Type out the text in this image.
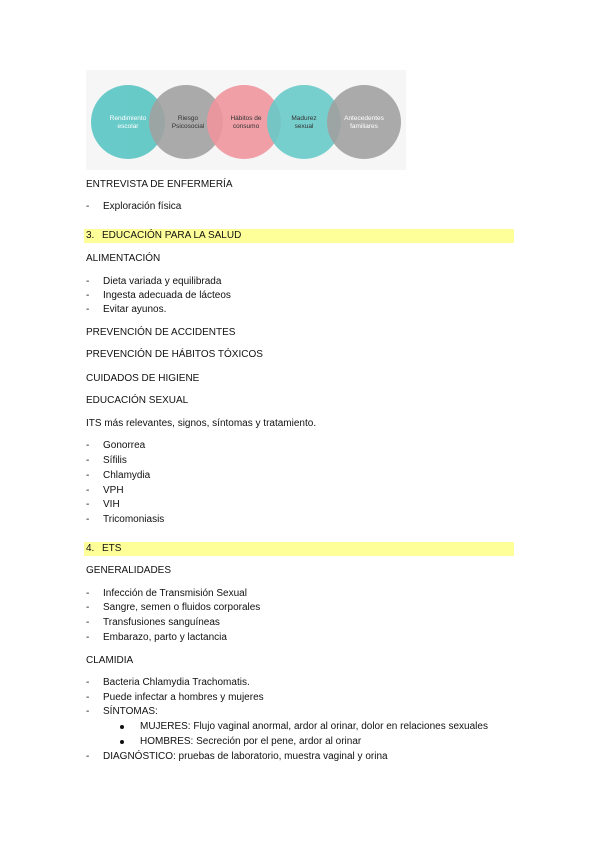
Rendimiento
escolar
Riesgo
Psicosocial
Hábitos de
consumo
Madurez
sexual
Antecedentes
familiares
ENTREVISTA DE ENFERMERÍA
- Exploración física
3. EDUCACIÓN PARA LA SALUD
ALIMENTACIÓN
- Dieta variada y equilibrada
- Ingesta adecuada de lácteos
- Evitar ayunos.
PREVENCIÓN DE ACCIDENTES
PREVENCIÓN DE HÁBITOS TÓXICOS
CUIDADOS DE HIGIENE
EDUCACIÓN SEXUAL
ITS más relevantes, signos, síntomas y tratamiento.
- Gonorrea
- Sífilis
- Chlamydia
- VPH
- VIH
- Tricomoniasis
4. ETS
GENERALIDADES
- Infección de Transmisión Sexual
- Sangre, semen o fluidos corporales
- Transfusiones sanguíneas
- Embarazo, parto y lactancia
CLAMIDIA
- Bacteria Chlamydia Trachomatis.
- Puede infectar a hombres y mujeres
- SÍNTOMAS:
MUJERES: Flujo vaginal anormal, ardor al orinar, dolor en relaciones sexuales
HOMBRES: Secreción por el pene, ardor al orinar
- DIAGNÓSTICO: pruebas de laboratorio, muestra vaginal y orina
